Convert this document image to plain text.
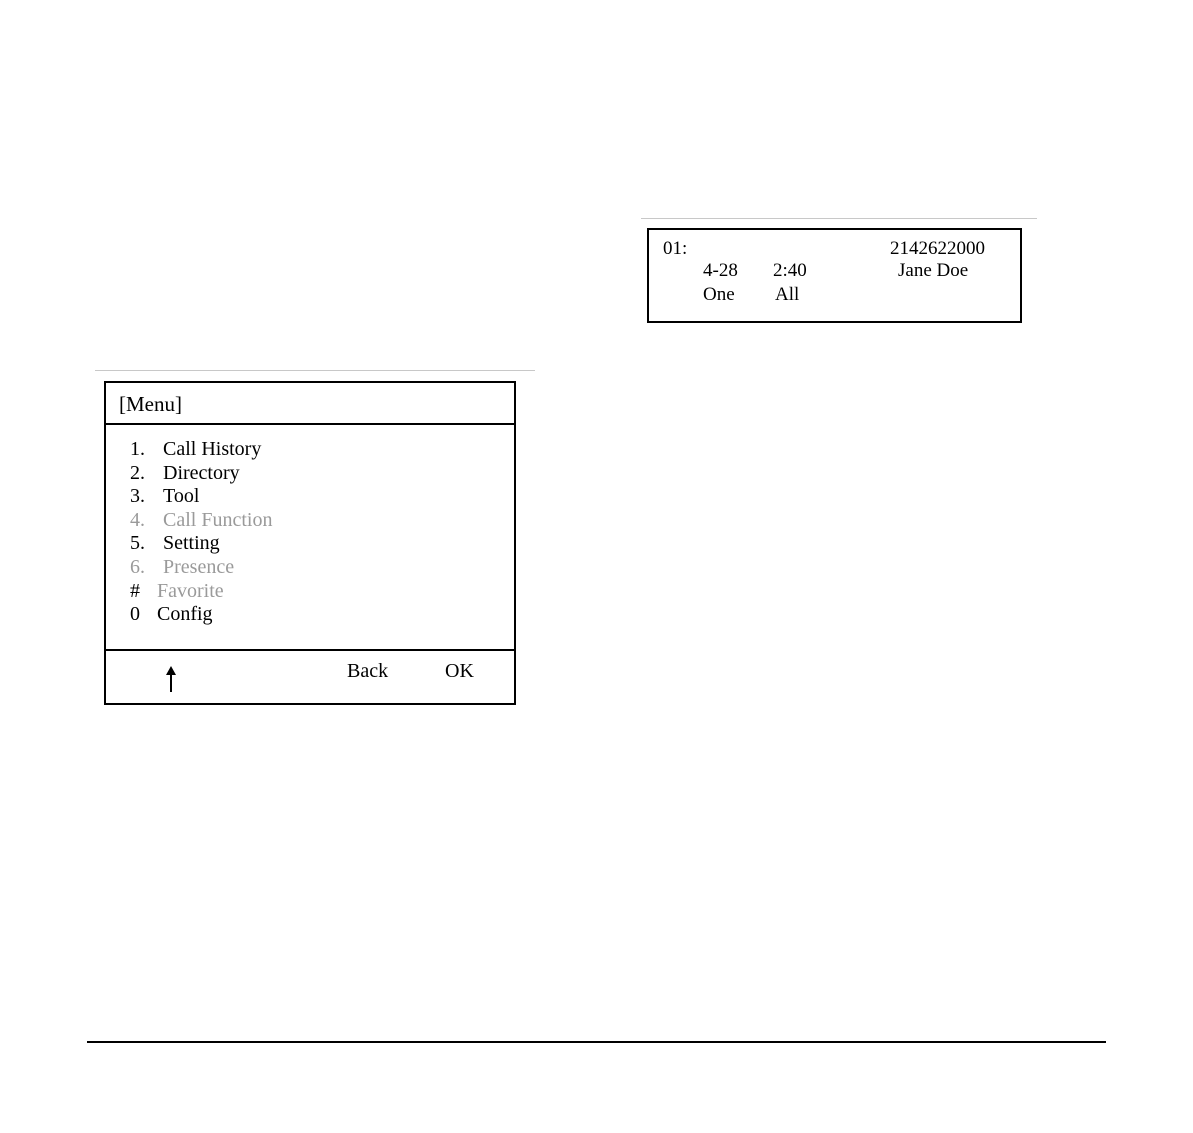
01:	2142622000
4-28 2:40	Jane Doe
One All
[Menu]
1. Call History
2. Directory
3. Tool
4. Call Function
5. Setting
6. Presence
# Favorite
0 Config
Back	OK
